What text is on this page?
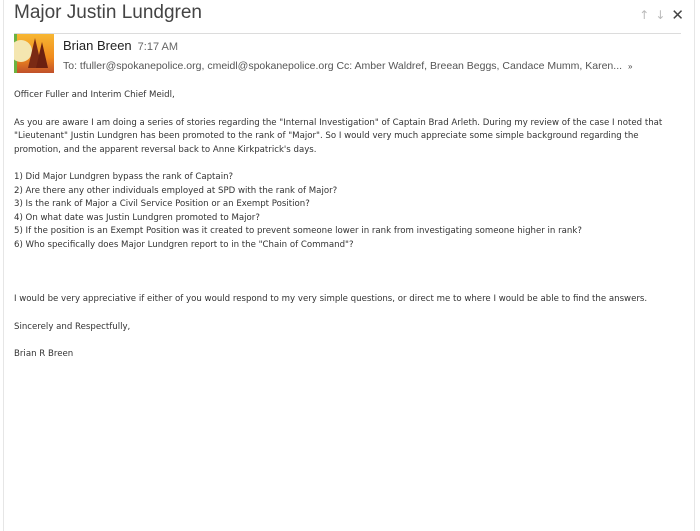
Major Justin Lundgren	↑ ↓ ✕
Brian Breen 7:17 AM
To: tfuller@spokanepolice.org, cmeidl@spokanepolice.org Cc: Amber Waldref, Breean Beggs, Candace Mumm, Karen... »

Officer Fuller and Interim Chief Meidl,

As you are aware I am doing a series of stories regarding the "Internal Investigation" of Captain Brad Arleth. During my review of the case I noted that "Lieutenant" Justin Lundgren has been promoted to the rank of "Major". So I would very much appreciate some simple background regarding the promotion, and the apparent reversal back to Anne Kirkpatrick's days.

1) Did Major Lundgren bypass the rank of Captain?
2) Are there any other individuals employed at SPD with the rank of Major?
3) Is the rank of Major a Civil Service Position or an Exempt Position?
4) On what date was Justin Lundgren promoted to Major?
5) If the position is an Exempt Position was it created to prevent someone lower in rank from investigating someone higher in rank?
6) Who specifically does Major Lundgren report to in the "Chain of Command"?

I would be very appreciative if either of you would respond to my very simple questions, or direct me to where I would be able to find the answers.

Sincerely and Respectfully,

Brian R Breen
